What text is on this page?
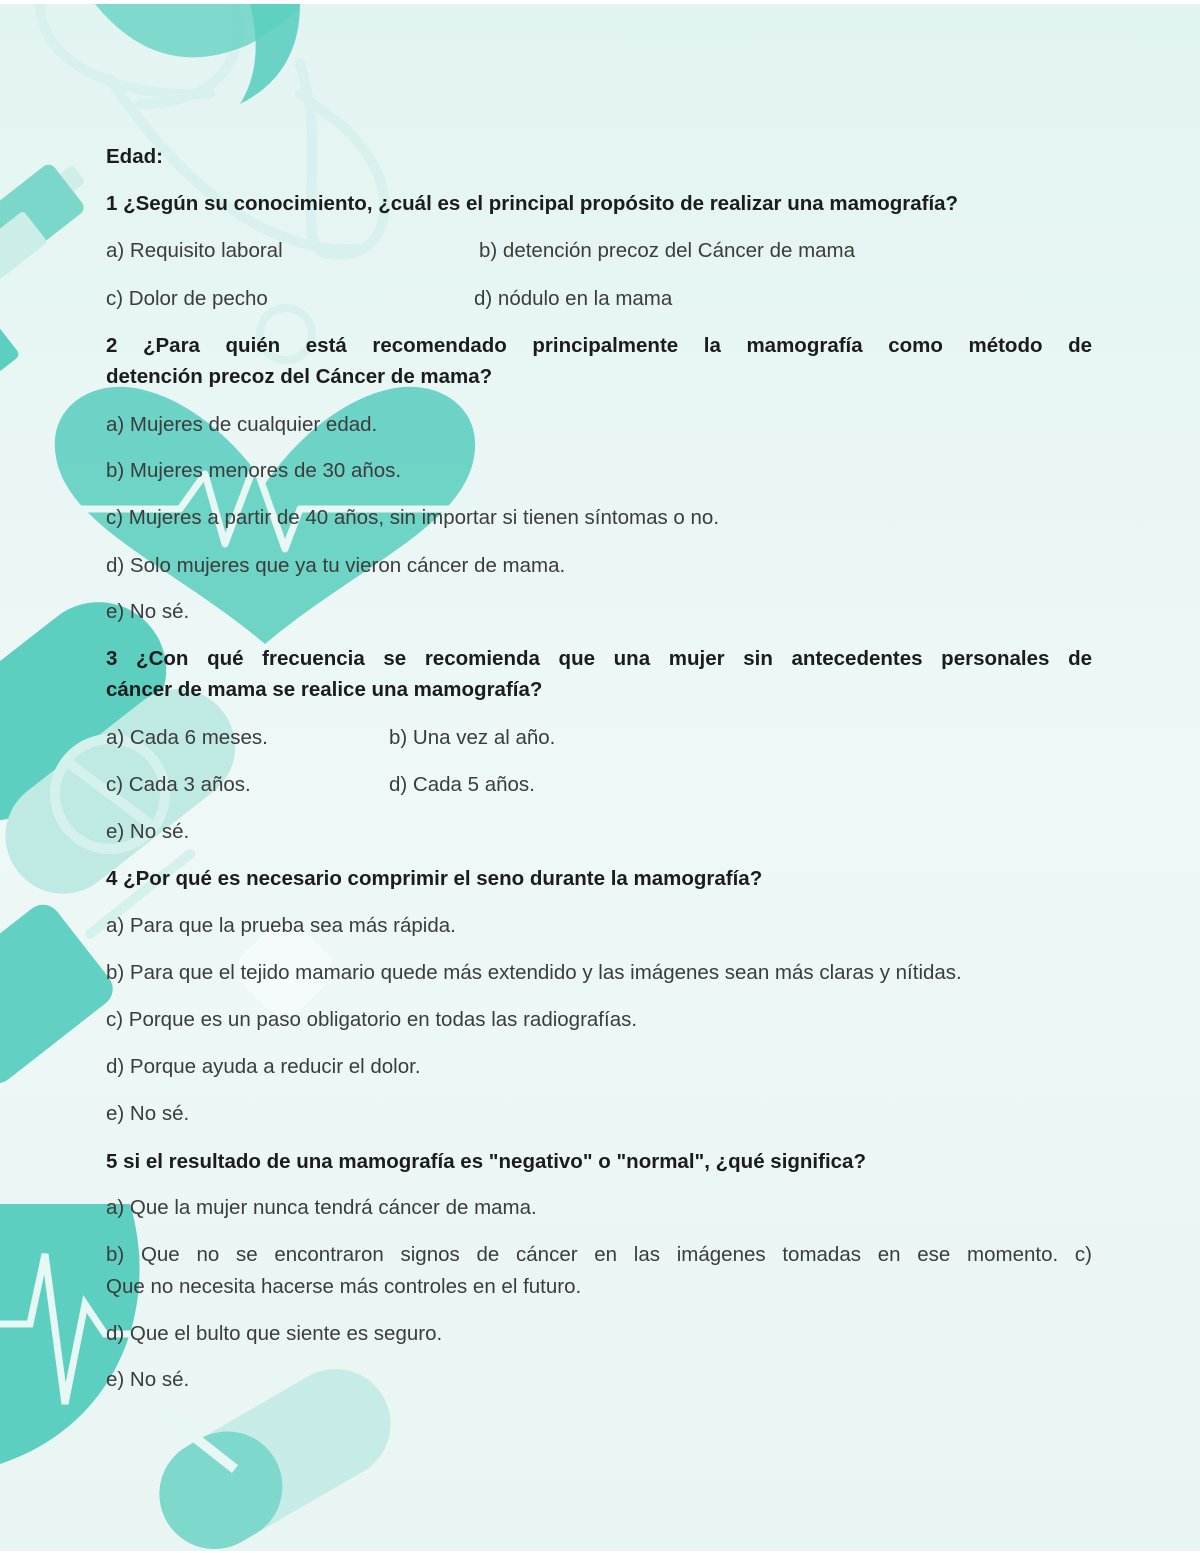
Edad:
1 ¿Según su conocimiento, ¿cuál es el principal propósito de realizar una mamografía?
a) Requisito laboral	b) detención precoz del Cáncer de mama
c) Dolor de pecho	d) nódulo en la mama
2 ¿Para quién está recomendado principalmente la mamografía como método de
detención precoz del Cáncer de mama?
a) Mujeres de cualquier edad.
b) Mujeres menores de 30 años.
c) Mujeres a partir de 40 años, sin importar si tienen síntomas o no.
d) Solo mujeres que ya tu vieron cáncer de mama.
e) No sé.
3 ¿Con qué frecuencia se recomienda que una mujer sin antecedentes personales de
cáncer de mama se realice una mamografía?
a) Cada 6 meses.	b) Una vez al año.
c) Cada 3 años.	d) Cada 5 años.
e) No sé.
4 ¿Por qué es necesario comprimir el seno durante la mamografía?
a) Para que la prueba sea más rápida.
b) Para que el tejido mamario quede más extendido y las imágenes sean más claras y nítidas.
c) Porque es un paso obligatorio en todas las radiografías.
d) Porque ayuda a reducir el dolor.
e) No sé.
5 si el resultado de una mamografía es "negativo" o "normal", ¿qué significa?
a) Que la mujer nunca tendrá cáncer de mama.
b) Que no se encontraron signos de cáncer en las imágenes tomadas en ese momento. c)
Que no necesita hacerse más controles en el futuro.
d) Que el bulto que siente es seguro.
e) No sé.
